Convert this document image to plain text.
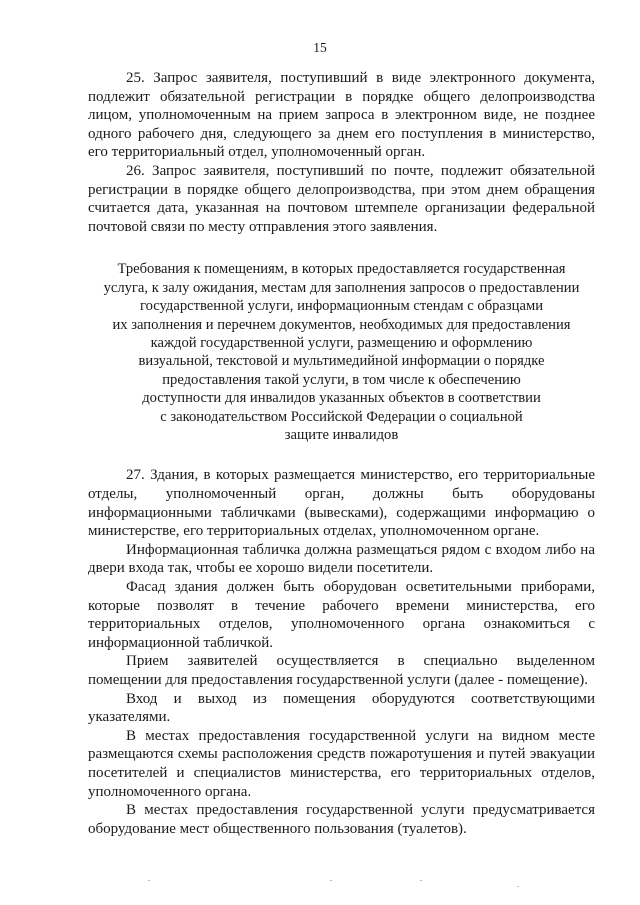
15

25. Запрос заявителя, поступивший в виде электронного документа, подлежит обязательной регистрации в порядке общего делопроизводства лицом, уполномоченным на прием запроса в электронном виде, не позднее одного рабочего дня, следующего за днем его поступления в министерство, его территориальный отдел, уполномоченный орган.

26. Запрос заявителя, поступивший по почте, подлежит обязательной регистрации в порядке общего делопроизводства, при этом днем обращения считается дата, указанная на почтовом штемпеле организации федеральной почтовой связи по месту отправления этого заявления.

Требования к помещениям, в которых предоставляется государственная
услуга, к залу ожидания, местам для заполнения запросов о предоставлении
государственной услуги, информационным стендам с образцами
их заполнения и перечнем документов, необходимых для предоставления
каждой государственной услуги, размещению и оформлению
визуальной, текстовой и мультимедийной информации о порядке
предоставления такой услуги, в том числе к обеспечению
доступности для инвалидов указанных объектов в соответствии
с законодательством Российской Федерации о социальной
защите инвалидов

27. Здания, в которых размещается министерство, его территориальные отделы, уполномоченный орган, должны быть оборудованы информационными табличками (вывесками), содержащими информацию о министерстве, его территориальных отделах, уполномоченном органе.

Информационная табличка должна размещаться рядом с входом либо на двери входа так, чтобы ее хорошо видели посетители.

Фасад здания должен быть оборудован осветительными приборами, которые позволят в течение рабочего времени министерства, его территориальных отделов, уполномоченного органа ознакомиться с информационной табличкой.

Прием заявителей осуществляется в специально выделенном помещении для предоставления государственной услуги (далее - помещение).

Вход и выход из помещения оборудуются соответствующими указателями.

В местах предоставления государственной услуги на видном месте размещаются схемы расположения средств пожаротушения и путей эвакуации посетителей и специалистов министерства, его территориальных отделов, уполномоченного органа.

В местах предоставления государственной услуги предусматривается оборудование мест общественного пользования (туалетов).
